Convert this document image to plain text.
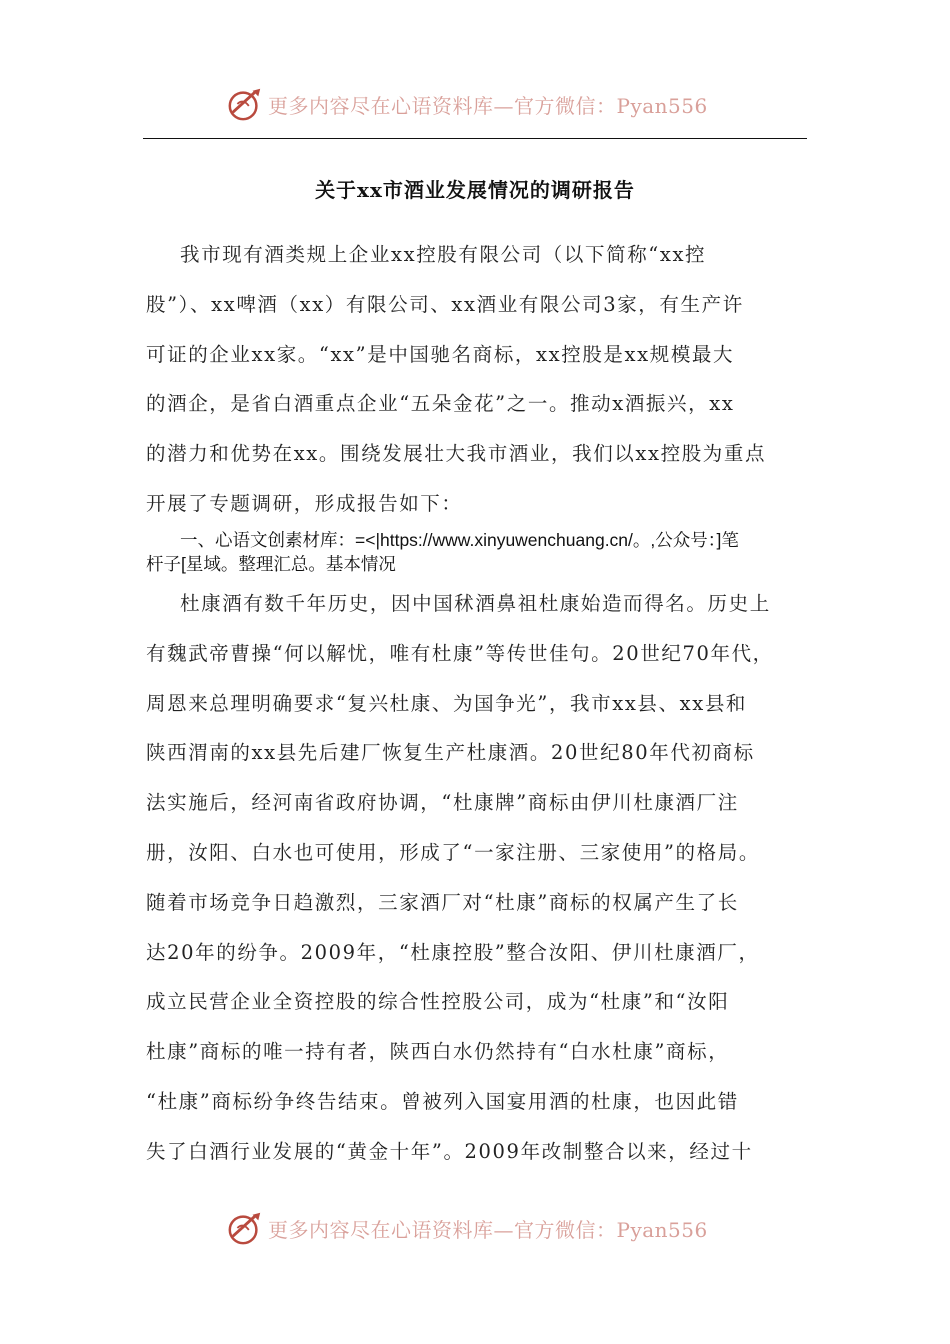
更多内容尽在心语资料库—官方微信：Pyan556
关于xx市酒业发展情况的调研报告
我市现有酒类规上企业xx控股有限公司（以下简称“xx控
股”）、xx啤酒（xx）有限公司、xx酒业有限公司3家，有生产许
可证的企业xx家。“xx”是中国驰名商标，xx控股是xx规模最大
的酒企，是省白酒重点企业“五朵金花”之一。推动x酒振兴，xx
的潜力和优势在xx。围绕发展壮大我市酒业，我们以xx控股为重点
开展了专题调研，形成报告如下：
一、心语文创素材库：=<|https://www.xinyuwenchuang.cn/。,公众号：]笔
杆子[星域。整理汇总。基本情况
杜康酒有数千年历史，因中国秫酒鼻祖杜康始造而得名。历史上
有魏武帝曹操“何以解忧，唯有杜康”等传世佳句。20世纪70年代，
周恩来总理明确要求“复兴杜康、为国争光”，我市xx县、xx县和
陕西渭南的xx县先后建厂恢复生产杜康酒。20世纪80年代初商标
法实施后，经河南省政府协调，“杜康牌”商标由伊川杜康酒厂注
册，汝阳、白水也可使用，形成了“一家注册、三家使用”的格局。
随着市场竞争日趋激烈，三家酒厂对“杜康”商标的权属产生了长
达20年的纷争。2009年，“杜康控股”整合汝阳、伊川杜康酒厂，
成立民营企业全资控股的综合性控股公司，成为“杜康”和“汝阳
杜康”商标的唯一持有者，陕西白水仍然持有“白水杜康”商标，
“杜康”商标纷争终告结束。曾被列入国宴用酒的杜康，也因此错
失了白酒行业发展的“黄金十年”。2009年改制整合以来，经过十
更多内容尽在心语资料库—官方微信：Pyan556
